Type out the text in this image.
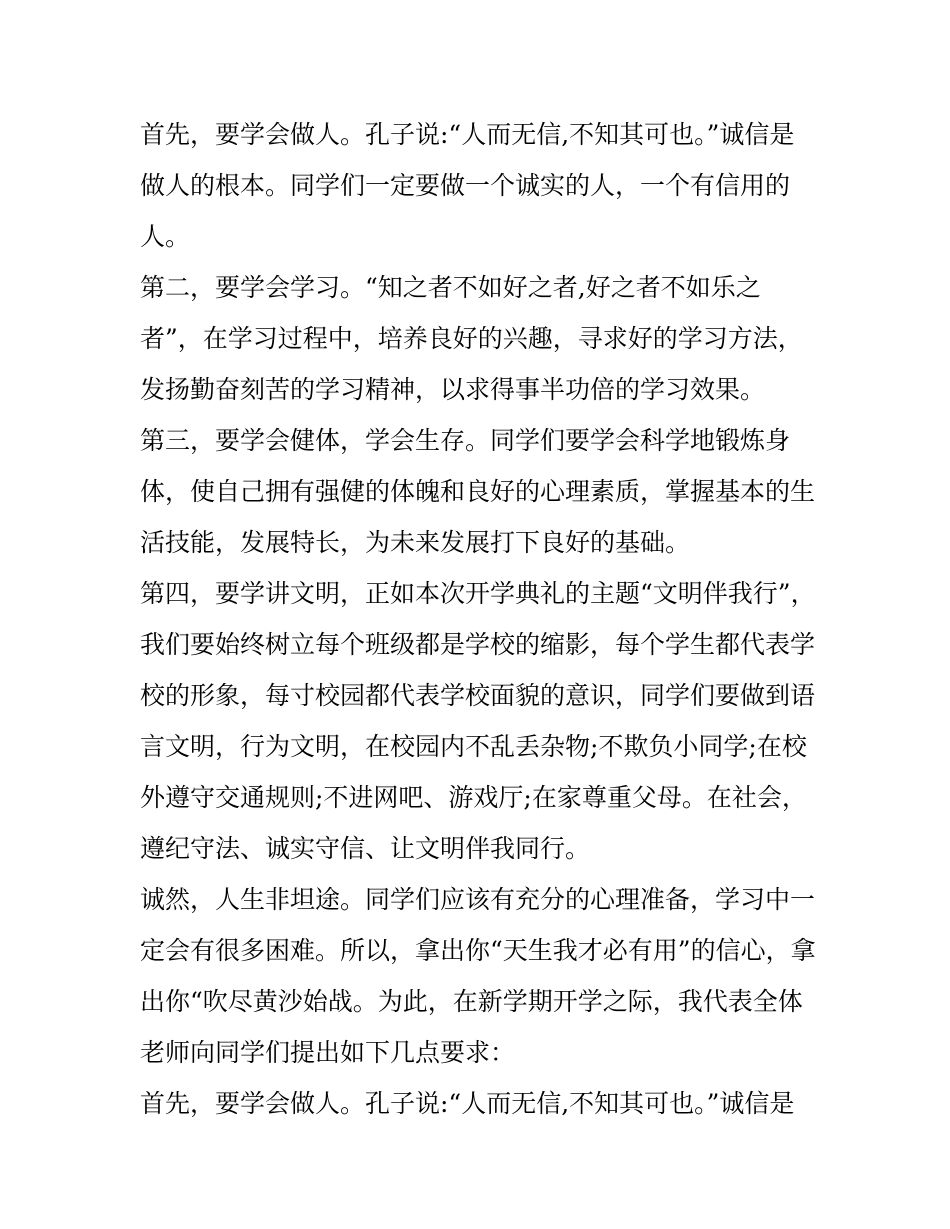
首先，要学会做人。孔子说:“人而无信,不知其可也。”诚信是
做人的根本。同学们一定要做一个诚实的人，一个有信用的
人。
第二，要学会学习。“知之者不如好之者,好之者不如乐之
者”，在学习过程中，培养良好的兴趣，寻求好的学习方法，
发扬勤奋刻苦的学习精神，以求得事半功倍的学习效果。
第三，要学会健体，学会生存。同学们要学会科学地锻炼身
体，使自己拥有强健的体魄和良好的心理素质，掌握基本的生
活技能，发展特长，为未来发展打下良好的基础。
第四，要学讲文明，正如本次开学典礼的主题“文明伴我行”，
我们要始终树立每个班级都是学校的缩影，每个学生都代表学
校的形象，每寸校园都代表学校面貌的意识，同学们要做到语
言文明，行为文明，在校园内不乱丢杂物;不欺负小同学;在校
外遵守交通规则;不进网吧、游戏厅;在家尊重父母。在社会，
遵纪守法、诚实守信、让文明伴我同行。
诚然，人生非坦途。同学们应该有充分的心理准备，学习中一
定会有很多困难。所以，拿出你“天生我才必有用”的信心，拿
出你“吹尽黄沙始战。为此，在新学期开学之际，我代表全体
老师向同学们提出如下几点要求：
首先，要学会做人。孔子说:“人而无信,不知其可也。”诚信是
